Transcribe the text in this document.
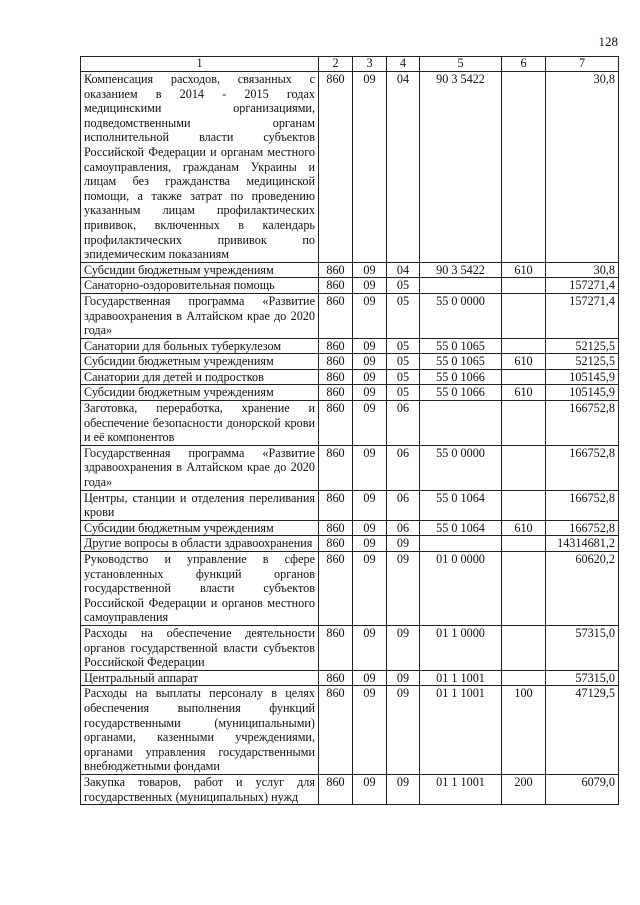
128
1	2	3	4	5	6	7
Компенсация расходов, связанных с оказанием в 2014 - 2015 годах медицинскими организациями, подведомственными органам исполнительной власти субъектов Российской Федерации и органам местного самоуправления, гражданам Украины и лицам без гражданства медицинской помощи, а также затрат по проведению указанным лицам профилактических прививок, включенных в календарь профилактических прививок по эпидемическим показаниям	860	09	04	90 3 5422		30,8
Субсидии бюджетным учреждениям	860	09	04	90 3 5422	610	30,8
Санаторно-оздоровительная помощь	860	09	05			157271,4
Государственная программа «Развитие здравоохранения в Алтайском крае до 2020 года»	860	09	05	55 0 0000		157271,4
Санатории для больных туберкулезом	860	09	05	55 0 1065		52125,5
Субсидии бюджетным учреждениям	860	09	05	55 0 1065	610	52125,5
Санатории для детей и подростков	860	09	05	55 0 1066		105145,9
Субсидии бюджетным учреждениям	860	09	05	55 0 1066	610	105145,9
Заготовка, переработка, хранение и обеспечение безопасности донорской крови и её компонентов	860	09	06			166752,8
Государственная программа «Развитие здравоохранения в Алтайском крае до 2020 года»	860	09	06	55 0 0000		166752,8
Центры, станции и отделения переливания крови	860	09	06	55 0 1064		166752,8
Субсидии бюджетным учреждениям	860	09	06	55 0 1064	610	166752,8
Другие вопросы в области здравоохранения	860	09	09			14314681,2
Руководство и управление в сфере установленных функций органов государственной власти субъектов Российской Федерации и органов местного самоуправления	860	09	09	01 0 0000		60620,2
Расходы на обеспечение деятельности органов государственной власти субъектов Российской Федерации	860	09	09	01 1 0000		57315,0
Центральный аппарат	860	09	09	01 1 1001		57315,0
Расходы на выплаты персоналу в целях обеспечения выполнения функций государственными (муниципальными) органами, казенными учреждениями, органами управления государственными внебюджетными фондами	860	09	09	01 1 1001	100	47129,5
Закупка товаров, работ и услуг для государственных (муниципальных) нужд	860	09	09	01 1 1001	200	6079,0
